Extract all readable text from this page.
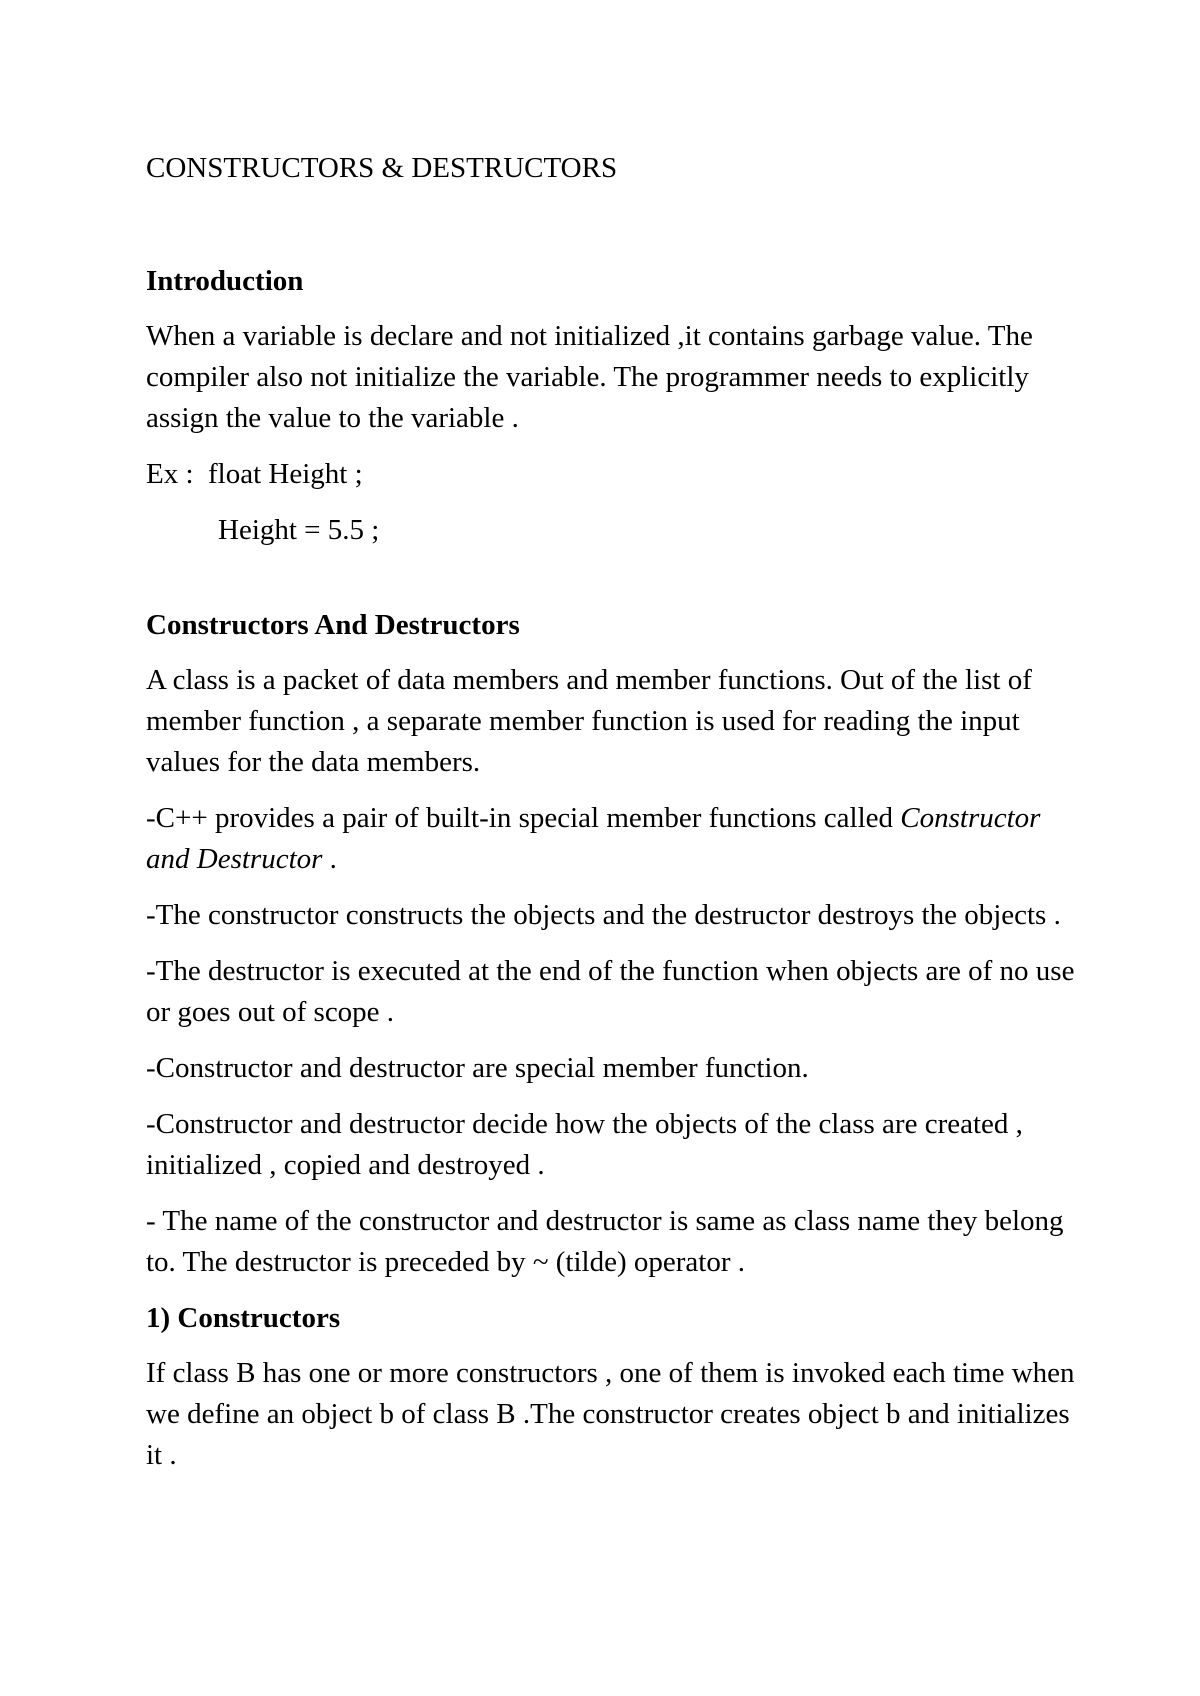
CONSTRUCTORS & DESTRUCTORS
Introduction

When a variable is declare and not initialized ,it contains garbage value. The compiler also not initialize the variable. The programmer needs to explicitly assign the value to the variable .

Ex :  float Height ;

Height = 5.5 ;

Constructors And Destructors

A class is a packet of data members and member functions. Out of the list of member function , a separate member function is used for reading the input values for the data members.

-C++ provides a pair of built-in special member functions called Constructor and Destructor .

-The constructor constructs the objects and the destructor destroys the objects .

-The destructor is executed at the end of the function when objects are of no use or goes out of scope .

-Constructor and destructor are special member function.

-Constructor and destructor decide how the objects of the class are created , initialized , copied and destroyed .

- The name of the constructor and destructor is same as class name they belong to. The destructor is preceded by ~ (tilde) operator .

1) Constructors

If class B has one or more constructors , one of them is invoked each time when we define an object b of class B .The constructor creates object b and initializes it .
